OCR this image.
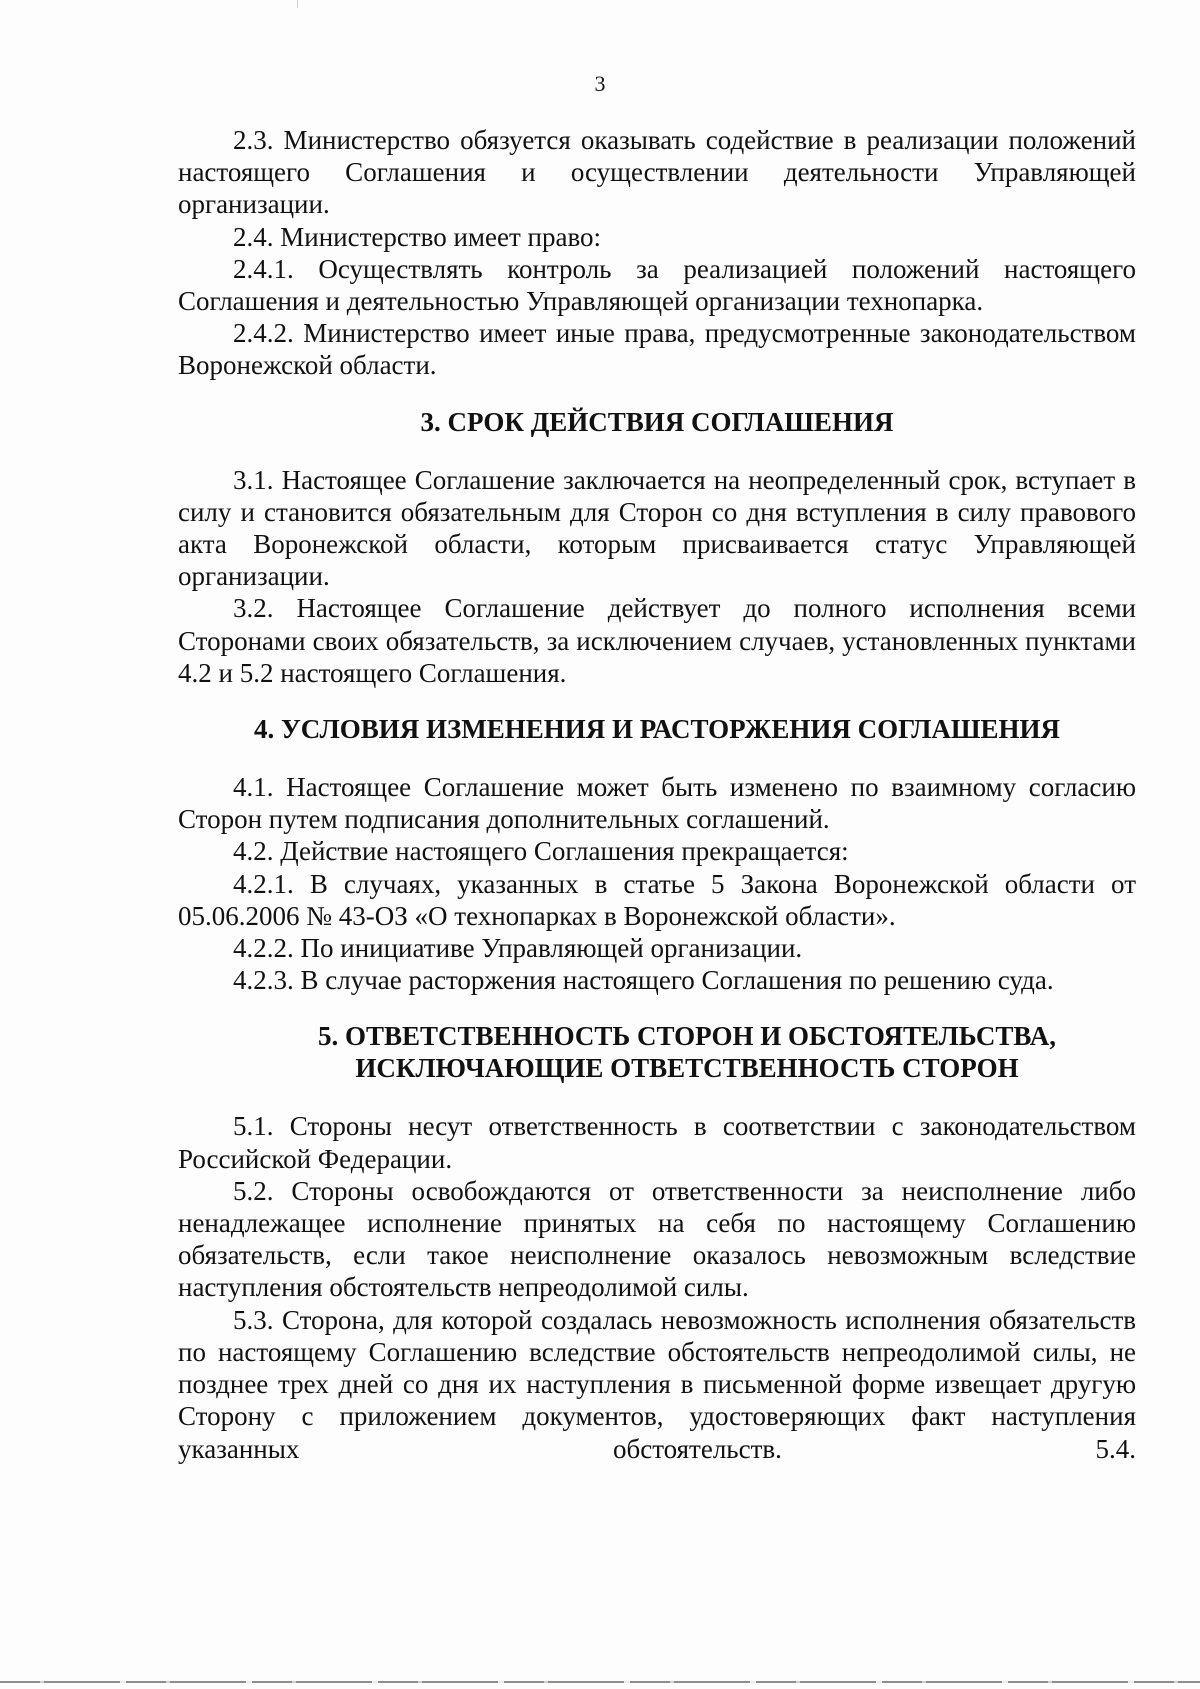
3

2.3. Министерство обязуется оказывать содействие в реализации положений настоящего Соглашения и осуществлении деятельности Управляющей организации.

2.4. Министерство имеет право:

2.4.1. Осуществлять контроль за реализацией положений настоящего Соглашения и деятельностью Управляющей организации технопарка.

2.4.2. Министерство имеет иные права, предусмотренные законодательством Воронежской области.

3. СРОК ДЕЙСТВИЯ СОГЛАШЕНИЯ

3.1. Настоящее Соглашение заключается на неопределенный срок, вступает в силу и становится обязательным для Сторон со дня вступления в силу правового акта Воронежской области, которым присваивается статус Управляющей организации.

3.2. Настоящее Соглашение действует до полного исполнения всеми Сторонами своих обязательств, за исключением случаев, установленных пунктами 4.2 и 5.2 настоящего Соглашения.

4. УСЛОВИЯ ИЗМЕНЕНИЯ И РАСТОРЖЕНИЯ СОГЛАШЕНИЯ

4.1. Настоящее Соглашение может быть изменено по взаимному согласию Сторон путем подписания дополнительных соглашений.

4.2. Действие настоящего Соглашения прекращается:

4.2.1. В случаях, указанных в статье 5 Закона Воронежской области от 05.06.2006 № 43-ОЗ «О технопарках в Воронежской области».

4.2.2. По инициативе Управляющей организации.

4.2.3. В случае расторжения настоящего Соглашения по решению суда.

5. ОТВЕТСТВЕННОСТЬ СТОРОН И ОБСТОЯТЕЛЬСТВА,
ИСКЛЮЧАЮЩИЕ ОТВЕТСТВЕННОСТЬ СТОРОН

5.1. Стороны несут ответственность в соответствии с законодательством Российской Федерации.

5.2. Стороны освобождаются от ответственности за неисполнение либо ненадлежащее исполнение принятых на себя по настоящему Соглашению обязательств, если такое неисполнение оказалось невозможным вследствие наступления обстоятельств непреодолимой силы.

5.3. Сторона, для которой создалась невозможность исполнения обязательств по настоящему Соглашению вследствие обстоятельств непреодолимой силы, не позднее трех дней со дня их наступления в письменной форме извещает другую Сторону с приложением документов, удостоверяющих факт наступления указанных обстоятельств. 5.4.
